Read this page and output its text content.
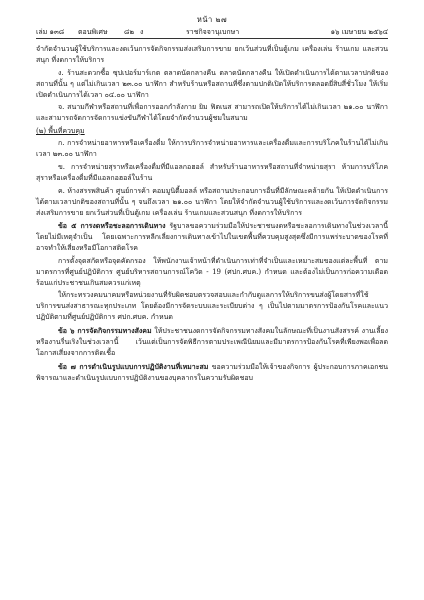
หน้า ๒๗
เล่ม ๑๓๘ ตอนพิเศษ ๘๒ ง	ราชกิจจานุเบกษา	๑๖ เมษายน ๒๕๖๔

จำกัดจำนวนผู้ใช้บริการและงดเว้นการจัดกิจกรรมส่งเสริมการขาย ยกเว้นส่วนที่เป็นตู้เกม เครื่องเล่น ร้านเกม และสวนสนุก ที่งดการให้บริการ

ง. ร้านสะดวกซื้อ ซุปเปอร์มาร์เกต ตลาดนัดกลางคืน ตลาดนัดกลางคืน ให้เปิดดำเนินการได้ตามเวลาปกติของสถานที่นั้น ๆ แต่ไม่เกินเวลา ๒๓.๐๐ นาฬิกา สำหรับร้านหรือสถานที่ซึ่งตามปกติเปิดให้บริการตลอดยี่สิบสี่ชั่วโมง ให้เริ่มเปิดดำเนินการได้เวลา ๐๔.๐๐ นาฬิกา

จ. สนามกีฬาหรือสถานที่เพื่อการออกกำลังกาย ยิม ฟิตเนส สามารถเปิดให้บริการได้ไม่เกินเวลา ๒๑.๐๐ นาฬิกา และสามารถจัดการจัดการแข่งขันกีฬาได้โดยจำกัดจำนวนผู้ชมในสนาม

(๒) พื้นที่ควบคุม

ก. การจำหน่ายอาหารหรือเครื่องดื่ม ให้การบริการจำหน่ายอาหารและเครื่องดื่มและการบริโภคในร้านได้ไม่เกินเวลา ๒๓.๐๐ นาฬิกา

ข. การจำหน่ายสุราหรือเครื่องดื่มที่มีแอลกอฮอล์ สำหรับร้านอาหารหรือสถานที่จำหน่ายสุรา ห้ามการบริโภคสุราหรือเครื่องดื่มที่มีแอลกอฮอล์ในร้าน

ค. ห้างสรรพสินค้า ศูนย์การค้า คอมมูนิตี้มอลล์ หรือสถานประกอบการอื่นที่มีลักษณะคล้ายกัน ให้เปิดดำเนินการได้ตามเวลาปกติของสถานที่นั้น ๆ จนถึงเวลา ๒๑.๐๐ นาฬิกา โดยให้จำกัดจำนวนผู้ใช้บริการและงดเว้นการจัดกิจกรรมส่งเสริมการขาย ยกเว้นส่วนที่เป็นตู้เกม เครื่องเล่น ร้านเกมและสวนสนุก ที่งดการให้บริการ

ข้อ ๕ การงดหรือชะลอการเดินทาง รัฐบาลขอความร่วมมือให้ประชาชนงดหรือชะลอการเดินทางในช่วงเวลานี้โดยไม่มีเหตุจำเป็น โดยเฉพาะการหลีกเลี่ยงการเดินทางเข้าไปในเขตพื้นที่ควบคุมสูงสุดซึ่งมีการแพร่ระบาดของโรคที่อาจทำให้เสี่ยงหรือมีโอกาสติดโรค

การตั้งจุดสกัดหรือจุดคัดกรอง ให้พนักงานเจ้าหน้าที่ดำเนินการเท่าที่จำเป็นและเหมาะสมของแต่ละพื้นที่ ตามมาตรการที่ศูนย์ปฏิบัติการ ศูนย์บริหารสถานการณ์โควิด - 19 (ศปก.ศบค.) กำหนด และต้องไม่เป็นการก่อความเดือดร้อนแก่ประชาชนเกินสมควรแก่เหตุ

ให้กระทรวงคมนาคมหรือหน่วยงานที่รับผิดชอบตรวจสอบและกำกับดูแลการให้บริการขนส่งผู้โดยสารที่ใช้บริการขนส่งสาธารณะทุกประเภท โดยต้องมีการจัดระบบและระเบียบต่าง ๆ เป็นไปตามมาตรการป้องกันโรคและแนวปฏิบัติตามที่ศูนย์ปฏิบัติการ ศปก.ศบค. กำหนด

ข้อ ๖ การจัดกิจกรรมทางสังคม ให้ประชาชนงดการจัดกิจกรรมทางสังคมในลักษณะที่เป็นงานสังสรรค์ งานเลี้ยง หรืองานรื่นเริงในช่วงเวลานี้ เว้นแต่เป็นการจัดพิธีการตามประเพณีนิยมและมีมาตรการป้องกันโรคที่เพียงพอเพื่อลดโอกาสเสี่ยงจากการติดเชื้อ

ข้อ ๗ การดำเนินรูปแบบการปฏิบัติงานที่เหมาะสม ขอความร่วมมือให้เจ้าของกิจการ ผู้ประกอบการภาคเอกชนพิจารณาและดำเนินรูปแบบการปฏิบัติงานของบุคลากรในความรับผิดชอบ
